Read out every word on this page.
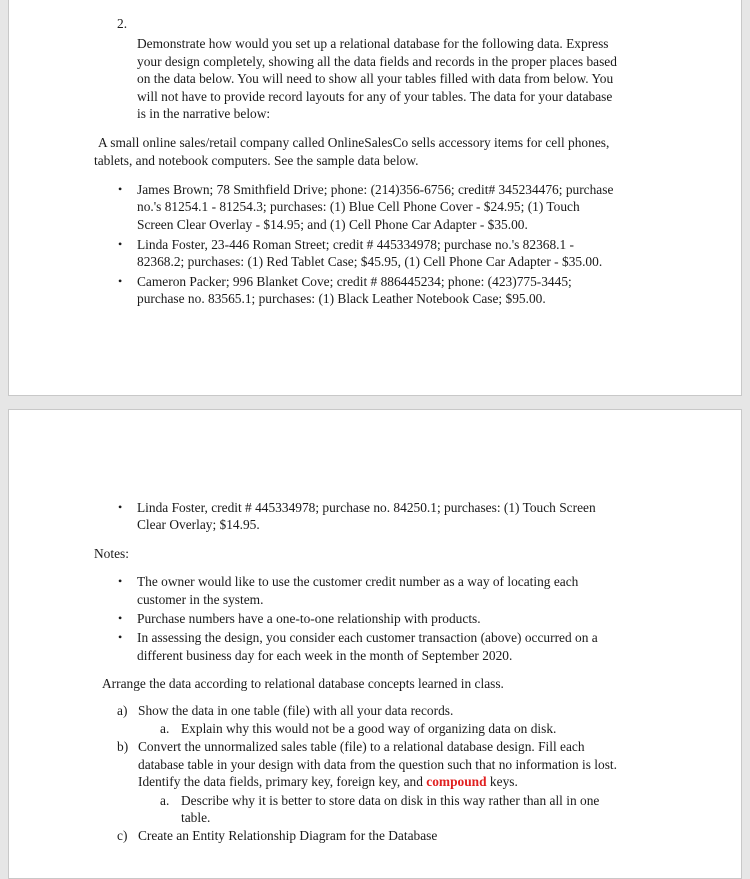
2.
Demonstrate how would you set up a relational database for the following data. Express
your design completely, showing all the data fields and records in the proper places based
on the data below. You will need to show all your tables filled with data from below. You
will not have to provide record layouts for any of your tables. The data for your database
is in the narrative below:
A small online sales/retail company called OnlineSalesCo sells accessory items for cell phones,
tablets, and notebook computers. See the sample data below.
• James Brown; 78 Smithfield Drive; phone: (214)356-6756; credit# 345234476; purchase
no.'s 81254.1 - 81254.3; purchases: (1) Blue Cell Phone Cover - $24.95; (1) Touch
Screen Clear Overlay - $14.95; and (1) Cell Phone Car Adapter - $35.00.
• Linda Foster, 23-446 Roman Street; credit # 445334978; purchase no.'s 82368.1 -
82368.2; purchases: (1) Red Tablet Case; $45.95, (1) Cell Phone Car Adapter - $35.00.
• Cameron Packer; 996 Blanket Cove; credit # 886445234; phone: (423)775-3445;
purchase no. 83565.1; purchases: (1) Black Leather Notebook Case; $95.00.
• Linda Foster, credit # 445334978; purchase no. 84250.1; purchases: (1) Touch Screen
Clear Overlay; $14.95.
Notes:
• The owner would like to use the customer credit number as a way of locating each
customer in the system.
• Purchase numbers have a one-to-one relationship with products.
• In assessing the design, you consider each customer transaction (above) occurred on a
different business day for each week in the month of September 2020.
Arrange the data according to relational database concepts learned in class.
a) Show the data in one table (file) with all your data records.
a. Explain why this would not be a good way of organizing data on disk.
b) Convert the unnormalized sales table (file) to a relational database design. Fill each
database table in your design with data from the question such that no information is lost.
Identify the data fields, primary key, foreign key, and compound keys.
a. Describe why it is better to store data on disk in this way rather than all in one
table.
c) Create an Entity Relationship Diagram for the Database
